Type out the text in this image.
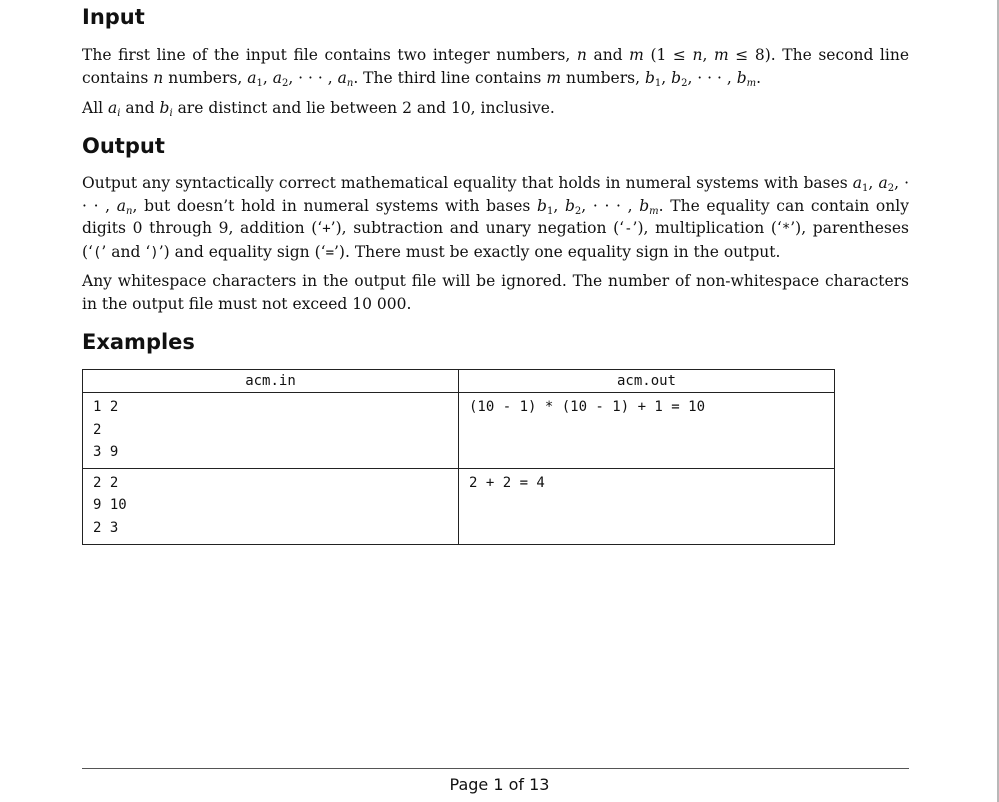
Input

The first line of the input file contains two integer numbers, n and m (1 ≤ n, m ≤ 8). The second line contains n numbers, $a_1$, $a_2$, · · · , $a_n$. The third line contains m numbers, $b_1$, $b_2$, · · · , $b_m$.

All $a_i$ and $b_i$ are distinct and lie between 2 and 10, inclusive.

Output

Output any syntactically correct mathematical equality that holds in numeral systems with bases $a_1$, $a_2$, · · · , $a_n$, but doesn’t hold in numeral systems with bases $b_1$, $b_2$, · · · , $b_m$. The equality can contain only digits 0 through 9, addition (‘+’), subtraction and unary negation (‘-’), multiplication (‘*’), parentheses (‘(’ and ‘)’) and equality sign (‘=’). There must be exactly one equality sign in the output.

Any whitespace characters in the output file will be ignored. The number of non-whitespace characters in the output file must not exceed 10 000.

Examples
acm.in	acm.out
1 2
2
3 9	(10 - 1) * (10 - 1) + 1 = 10
2 2
9 10
2 3	2 + 2 = 4
Page 1 of 13
